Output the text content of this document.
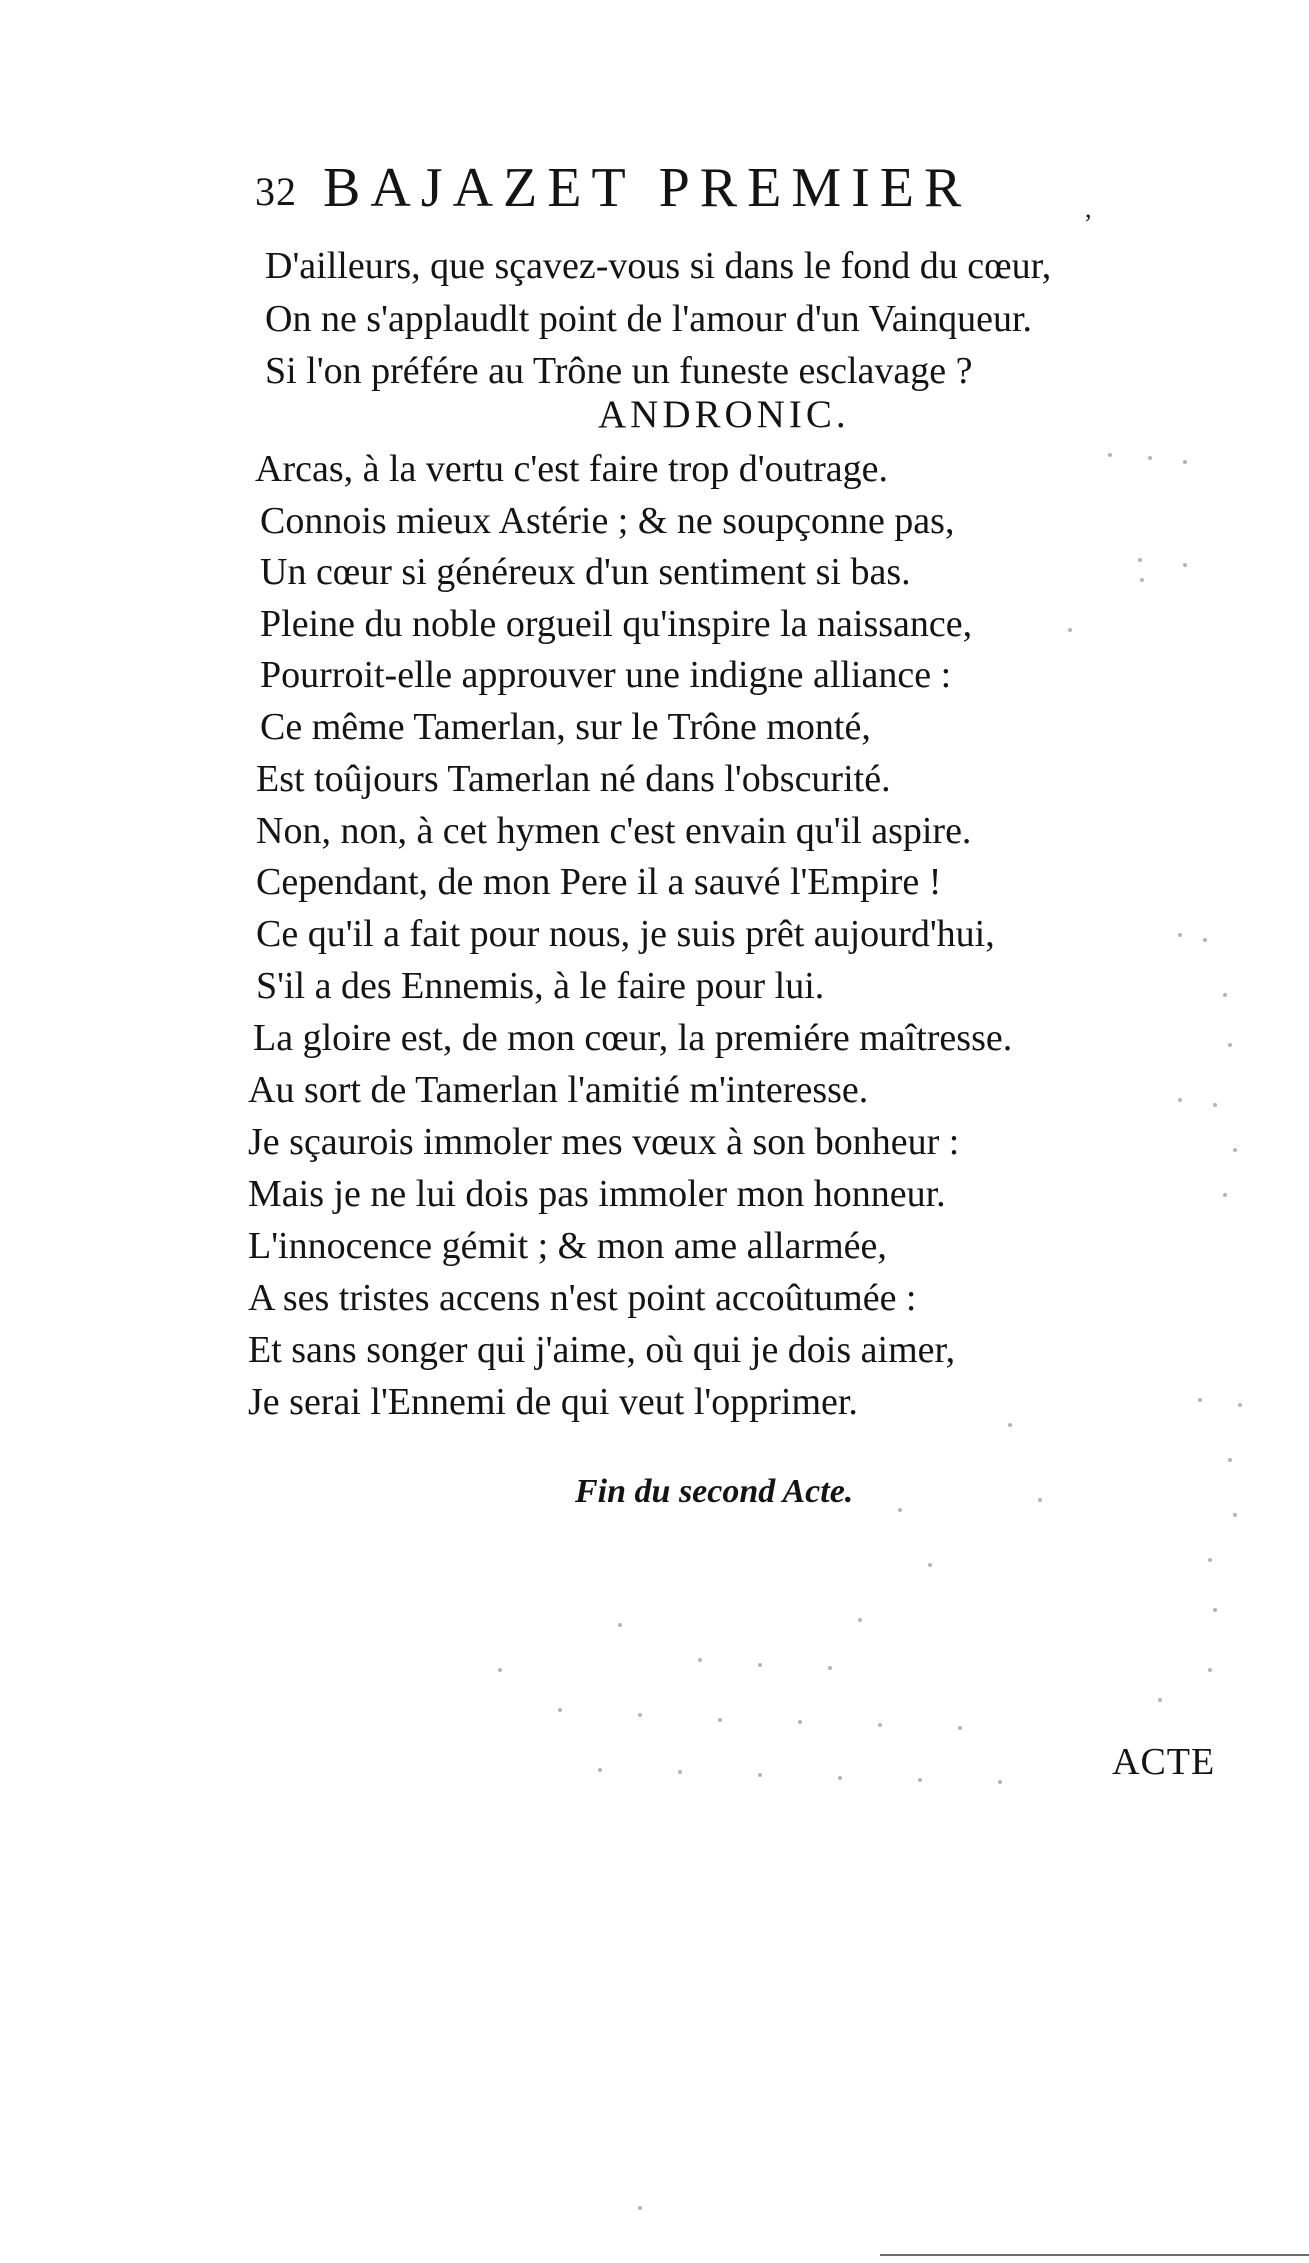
32 BAJAZET PREMIER	,
D'ailleurs, que sçavez-vous si dans le fond du cœur,
On ne s'applaudlt point de l'amour d'un Vainqueur.
Si l'on préfére au Trône un funeste esclavage ?
ANDRONIC.
Arcas, à la vertu c'est faire trop d'outrage.
Connois mieux Astérie ; & ne soupçonne pas,
Un cœur si généreux d'un sentiment si bas.
Pleine du noble orgueil qu'inspire la naissance,
Pourroit-elle approuver une indigne alliance :
Ce même Tamerlan, sur le Trône monté,
Est toûjours Tamerlan né dans l'obscurité.
Non, non, à cet hymen c'est envain qu'il aspire.
Cependant, de mon Pere il a sauvé l'Empire !
Ce qu'il a fait pour nous, je suis prêt aujourd'hui,
S'il a des Ennemis, à le faire pour lui.
La gloire est, de mon cœur, la premiére maîtresse.
Au sort de Tamerlan l'amitié m'interesse.
Je sçaurois immoler mes vœux à son bonheur :
Mais je ne lui dois pas immoler mon honneur.
L'innocence gémit ; & mon ame allarmée,
A ses tristes accens n'est point accoûtumée :
Et sans songer qui j'aime, où qui je dois aimer,
Je serai l'Ennemi de qui veut l'opprimer.
Fin du second Acte.
ACTE
